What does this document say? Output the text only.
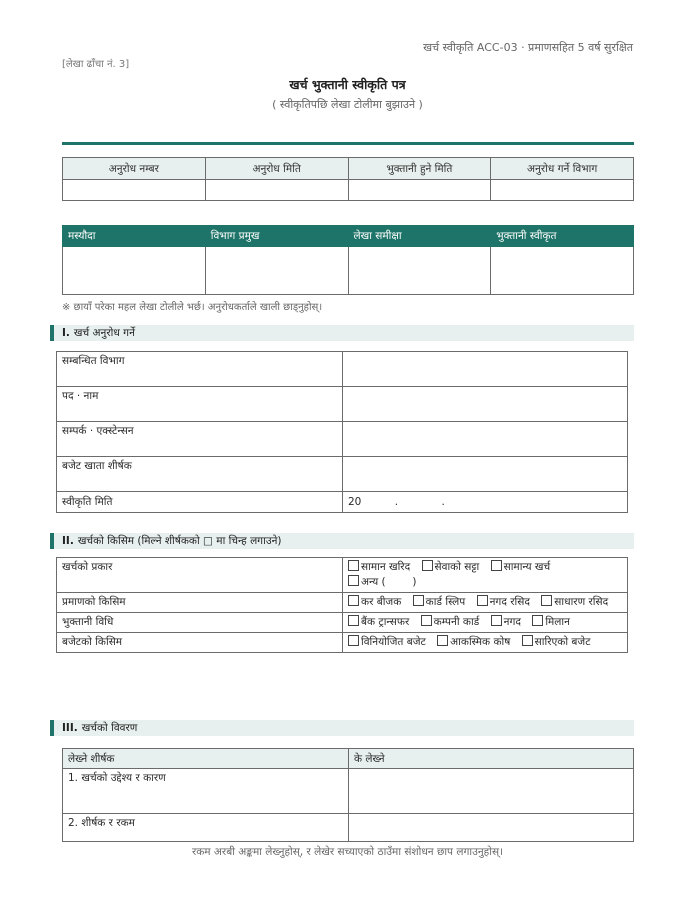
खर्च स्वीकृति ACC-03 · प्रमाणसहित 5 वर्ष सुरक्षित
[लेखा ढाँचा नं. 3]
खर्च भुक्तानी स्वीकृति पत्र
( स्वीकृतिपछि लेखा टोलीमा बुझाउने )
अनुरोध नम्बर	अनुरोध मिति	भुक्तानी हुने मिति	अनुरोध गर्ने विभाग

मस्यौदा	विभाग प्रमुख	लेखा समीक्षा	भुक्तानी स्वीकृत

※ छायाँ परेका महल लेखा टोलीले भर्छ। अनुरोधकर्ताले खाली छाड्नुहोस्।
I. खर्च अनुरोध गर्ने
सम्बन्धित विभाग	
पद · नाम	
सम्पर्क · एक्स्टेन्सन	
बजेट खाता शीर्षक	
स्वीकृति मिति	20          .             .
II. खर्चको किसिम (मिल्ने शीर्षकको □ मा चिन्ह लगाउने)
खर्चको प्रकार	सामान खरिद सेवाको सट्टा सामान्य खर्च अन्य (        )
प्रमाणको किसिम	कर बीजक कार्ड स्लिप नगद रसिद साधारण रसिद
भुक्तानी विधि	बैंक ट्रान्सफर कम्पनी कार्ड नगद मिलान
बजेटको किसिम	विनियोजित बजेट आकस्मिक कोष सारिएको बजेट
III. खर्चको विवरण
लेख्ने शीर्षक	के लेख्ने
1. खर्चको उद्देश्य र कारण	
2. शीर्षक र रकम	
रकम अरबी अङ्कमा लेख्नुहोस्, र लेखेर सच्याएको ठाउँमा संशोधन छाप लगाउनुहोस्।
